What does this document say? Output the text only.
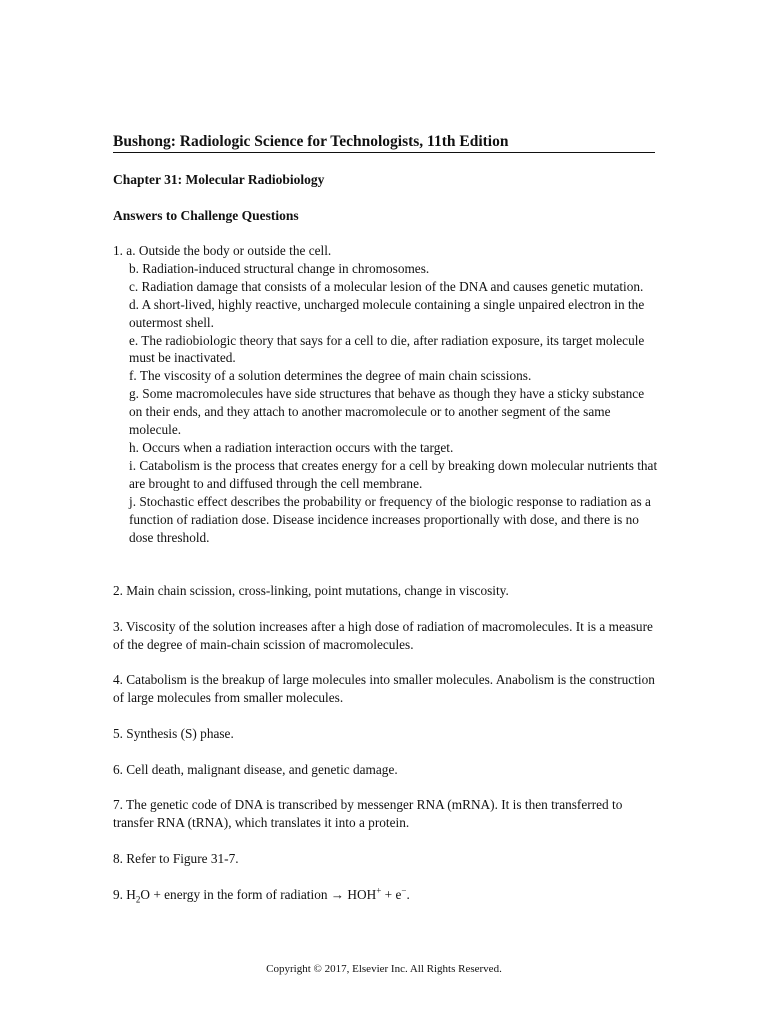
Bushong: Radiologic Science for Technologists, 11th Edition
Chapter 31: Molecular Radiobiology
Answers to Challenge Questions

1. a. Outside the body or outside the cell.

b. Radiation-induced structural change in chromosomes.

c. Radiation damage that consists of a molecular lesion of the DNA and causes genetic mutation.

d. A short-lived, highly reactive, uncharged molecule containing a single unpaired electron in the outermost shell.

e. The radiobiologic theory that says for a cell to die, after radiation exposure, its target molecule must be inactivated.

f. The viscosity of a solution determines the degree of main chain scissions.

g. Some macromolecules have side structures that behave as though they have a sticky substance on their ends, and they attach to another macromolecule or to another segment of the same molecule.

h. Occurs when a radiation interaction occurs with the target.

i. Catabolism is the process that creates energy for a cell by breaking down molecular nutrients that are brought to and diffused through the cell membrane.

j. Stochastic effect describes the probability or frequency of the biologic response to radiation as a function of radiation dose. Disease incidence increases proportionally with dose, and there is no dose threshold.

2. Main chain scission, cross-linking, point mutations, change in viscosity.

3. Viscosity of the solution increases after a high dose of radiation of macromolecules. It is a measure of the degree of main-chain scission of macromolecules.

4. Catabolism is the breakup of large molecules into smaller molecules. Anabolism is the construction of large molecules from smaller molecules.

5. Synthesis (S) phase.

6. Cell death, malignant disease, and genetic damage.

7. The genetic code of DNA is transcribed by messenger RNA (mRNA). It is then transferred to transfer RNA (tRNA), which translates it into a protein.

8. Refer to Figure 31-7.

9. $H_2O$ + energy in the form of radiation → HOH+ + e−.

Copyright © 2017, Elsevier Inc. All Rights Reserved.
